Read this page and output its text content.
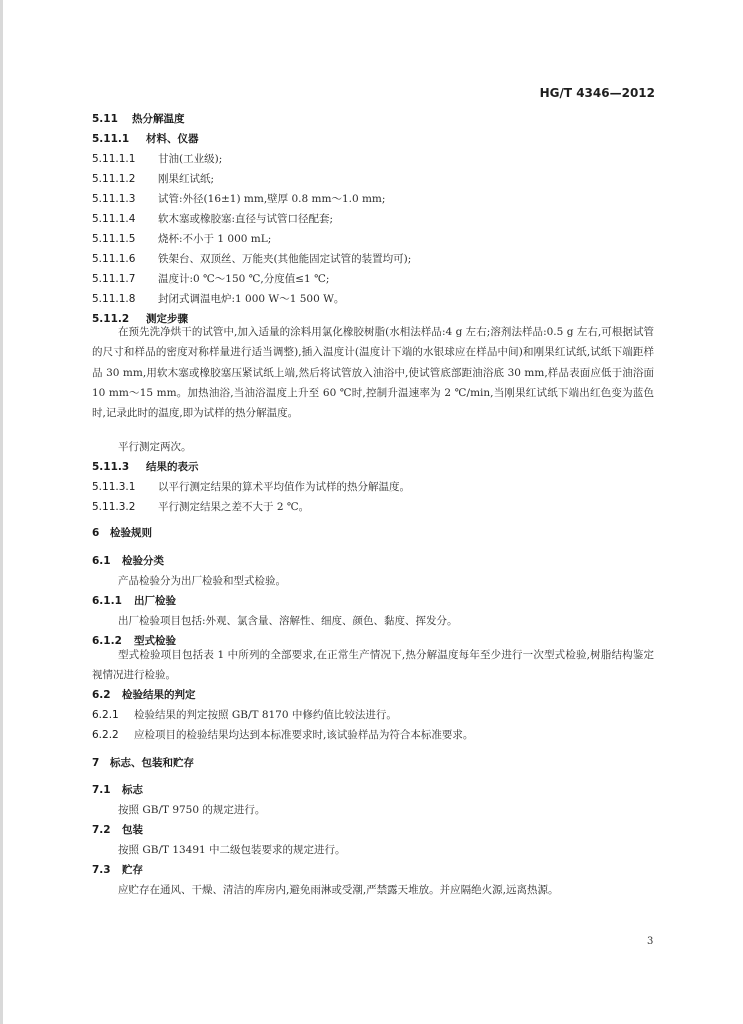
HG/T 4346—2012
5.11 热分解温度
5.11.1 材料、仪器
5.11.1.1 甘油(工业级);
5.11.1.2 刚果红试纸;
5.11.1.3 试管:外径(16±1) mm,壁厚 0.8 mm～1.0 mm;
5.11.1.4 软木塞或橡胶塞:直径与试管口径配套;
5.11.1.5 烧杯:不小于 1 000 mL;
5.11.1.6 铁架台、双顶丝、万能夹(其他能固定试管的装置均可);
5.11.1.7 温度计:0 ℃～150 ℃,分度值≤1 ℃;
5.11.1.8 封闭式调温电炉:1 000 W～1 500 W。
5.11.2 测定步骤
在预先洗净烘干的试管中,加入适量的涂料用氯化橡胶树脂(水相法样品:4 g 左右;溶剂法样品:0.5 g 左右,可根据试管的尺寸和样品的密度对称样量进行适当调整),插入温度计(温度计下端的水银球应在样品中间)和刚果红试纸,试纸下端距样品 30 mm,用软木塞或橡胶塞压紧试纸上端,然后将试管放入油浴中,使试管底部距油浴底 30 mm,样品表面应低于油浴面 10 mm～15 mm。加热油浴,当油浴温度上升至 60 ℃时,控制升温速率为 2 ℃/min,当刚果红试纸下端出红色变为蓝色时,记录此时的温度,即为试样的热分解温度。
平行测定两次。
5.11.3 结果的表示
5.11.3.1 以平行测定结果的算术平均值作为试样的热分解温度。
5.11.3.2 平行测定结果之差不大于 2 ℃。
6 检验规则
6.1 检验分类
产品检验分为出厂检验和型式检验。
6.1.1 出厂检验
出厂检验项目包括:外观、氯含量、溶解性、细度、颜色、黏度、挥发分。
6.1.2 型式检验
型式检验项目包括表 1 中所列的全部要求,在正常生产情况下,热分解温度每年至少进行一次型式检验,树脂结构鉴定视情况进行检验。
6.2 检验结果的判定
6.2.1 检验结果的判定按照 GB/T 8170 中修约值比较法进行。
6.2.2 应检项目的检验结果均达到本标准要求时,该试验样品为符合本标准要求。
7 标志、包装和贮存
7.1 标志
按照 GB/T 9750 的规定进行。
7.2 包装
按照 GB/T 13491 中二级包装要求的规定进行。
7.3 贮存
应贮存在通风、干燥、清洁的库房内,避免雨淋或受潮,严禁露天堆放。并应隔绝火源,远离热源。
3
